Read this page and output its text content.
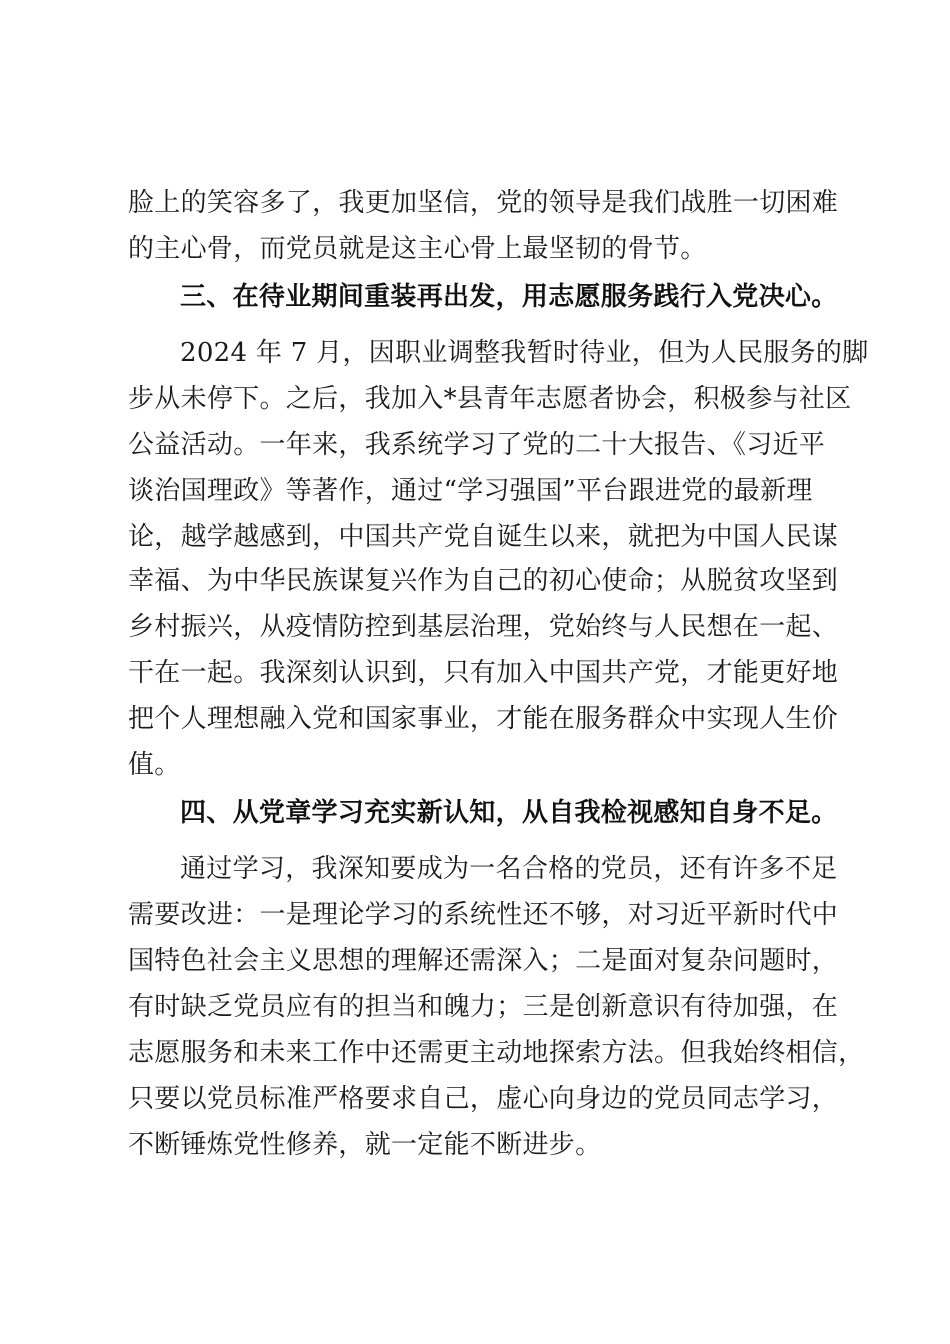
脸上的笑容多了，我更加坚信，党的领导是我们战胜一切困难
的主心骨，而党员就是这主心骨上最坚韧的骨节。
三、在待业期间重装再出发，用志愿服务践行入党决心。
2024 年 7 月，因职业调整我暂时待业，但为人民服务的脚
步从未停下。之后，我加入*县青年志愿者协会，积极参与社区
公益活动。一年来，我系统学习了党的二十大报告、《习近平
谈治国理政》等著作，通过“学习强国”平台跟进党的最新理
论，越学越感到，中国共产党自诞生以来，就把为中国人民谋
幸福、为中华民族谋复兴作为自己的初心使命；从脱贫攻坚到
乡村振兴，从疫情防控到基层治理，党始终与人民想在一起、
干在一起。我深刻认识到，只有加入中国共产党，才能更好地
把个人理想融入党和国家事业，才能在服务群众中实现人生价
值。
四、从党章学习充实新认知，从自我检视感知自身不足。
通过学习，我深知要成为一名合格的党员，还有许多不足
需要改进：一是理论学习的系统性还不够，对习近平新时代中
国特色社会主义思想的理解还需深入；二是面对复杂问题时，
有时缺乏党员应有的担当和魄力；三是创新意识有待加强，在
志愿服务和未来工作中还需更主动地探索方法。但我始终相信，
只要以党员标准严格要求自己，虚心向身边的党员同志学习，
不断锤炼党性修养，就一定能不断进步。
